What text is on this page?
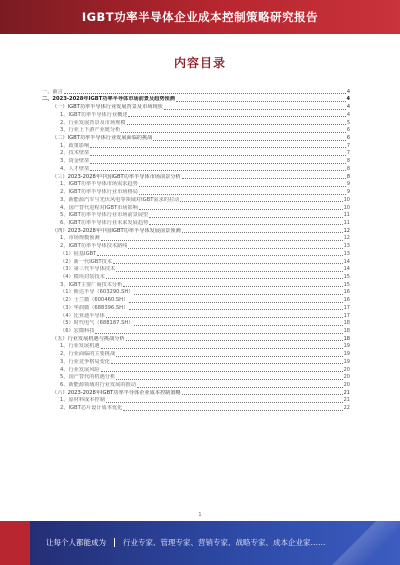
IGBT功率半导体企业成本控制策略研究报告
内容目录
一、前言	4
二、2023-2028年IGBT功率半导体市场前景及趋势预测	4
（一）IGBT功率半导体行业发展背景及市场现状	4
1、IGBT功率半导体行业概述	4
2、行业发展背景及市场规模	5
3、行业上下游产业链分析	6
（二）IGBT功率半导体行业发展面临的挑战	6
1、政策影响	7
2、技术壁垒	7
3、资金壁垒	8
4、人才壁垒	8
（三）2023-2028年中国IGBT功率半导体市场前景分析	8
1、IGBT功率半导体市场需求趋势	9
2、IGBT功率半导体行业市场格局	9
3、新能源汽车与光伏风电等领域对IGBT需求的拉动	10
4、国产替代进程对IGBT市场影响	10
5、IGBT功率半导体行业市场前景展望	11
6、IGBT功率半导体行业未来发展趋势	11
（四）2023-2028年中国IGBT功率半导体发展前景预测	12
1、市场规模预测	12
2、IGBT功率半导体技术路线	13
（1）硅基IGBT	13
（2）新一代IGBT技术	14
（3）第三代半导体技术	14
（4）模块封装技术	15
3、IGBT主要厂商技术分析	15
（1）斯达半导（603290.SH）	16
（2）士兰微（600460.SH）	16
（3）华润微（688396.SH）	17
（4）比亚迪半导体	17
（5）时代电气（688187.SH）	18
（6）宏微科技	18
（五）行业发展机遇与挑战分析	18
1、行业发展机遇	19
2、行业面临的主要挑战	19
3、行业竞争格局变化	19
4、行业发展风险	20
5、国产替代的机遇分析	20
6、新能源领域对行业发展的推动	20
（六）2023-2028年IGBT功率半导体企业成本控制策略	21
1、原材料成本控制	21
2、IGBT芯片设计成本优化	22
1
让每个人都能成为 行业专家、管理专家、营销专家、战略专家、成本企业家……
